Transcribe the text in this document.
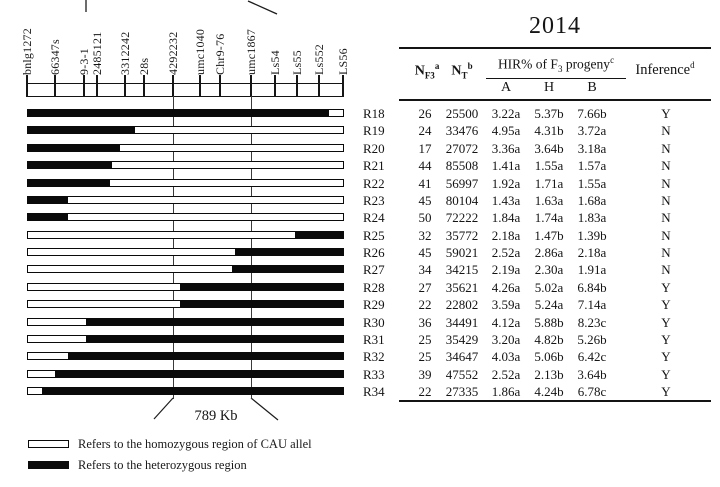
bnlg1272 66347s 9-3-1 2485121 3312242 28s 4292232 umc1040 Chr9-76 umc1867 Ls54 Ls55 Ls552 LS56
789 Kb
Refers to the homozygous region of CAU allel
Refers to the heterozygous region
2014
$N_{F3}^a$ $N_T^b$	HIR% of $F_3$ progeny$^c$
A	H	B
Inference$^d$
R18	26	25500	3.22a	5.37b	7.66b	Y
R19	24	33476	4.95a	4.31b	3.72a	N
R20	17	27072	3.36a	3.64b	3.18a	N
R21	44	85508	1.41a	1.55a	1.57a	N
R22	41	56997	1.92a	1.71a	1.55a	N
R23	45	80104	1.43a	1.63a	1.68a	N
R24	50	72222	1.84a	1.74a	1.83a	N
R25	32	35772	2.18a	1.47b	1.39b	N
R26	45	59021	2.52a	2.86a	2.18a	N
R27	34	34215	2.19a	2.30a	1.91a	N
R28	27	35621	4.26a	5.02a	6.84b	Y
R29	22	22802	3.59a	5.24a	7.14a	Y
R30	36	34491	4.12a	5.88b	8.23c	Y
R31	25	35429	3.20a	4.82b	5.26b	Y
R32	25	34647	4.03a	5.06b	6.42c	Y
R33	39	47552	2.52a	2.13b	3.64b	Y
R34	22	27335	1.86a	4.24b	6.78c	Y
